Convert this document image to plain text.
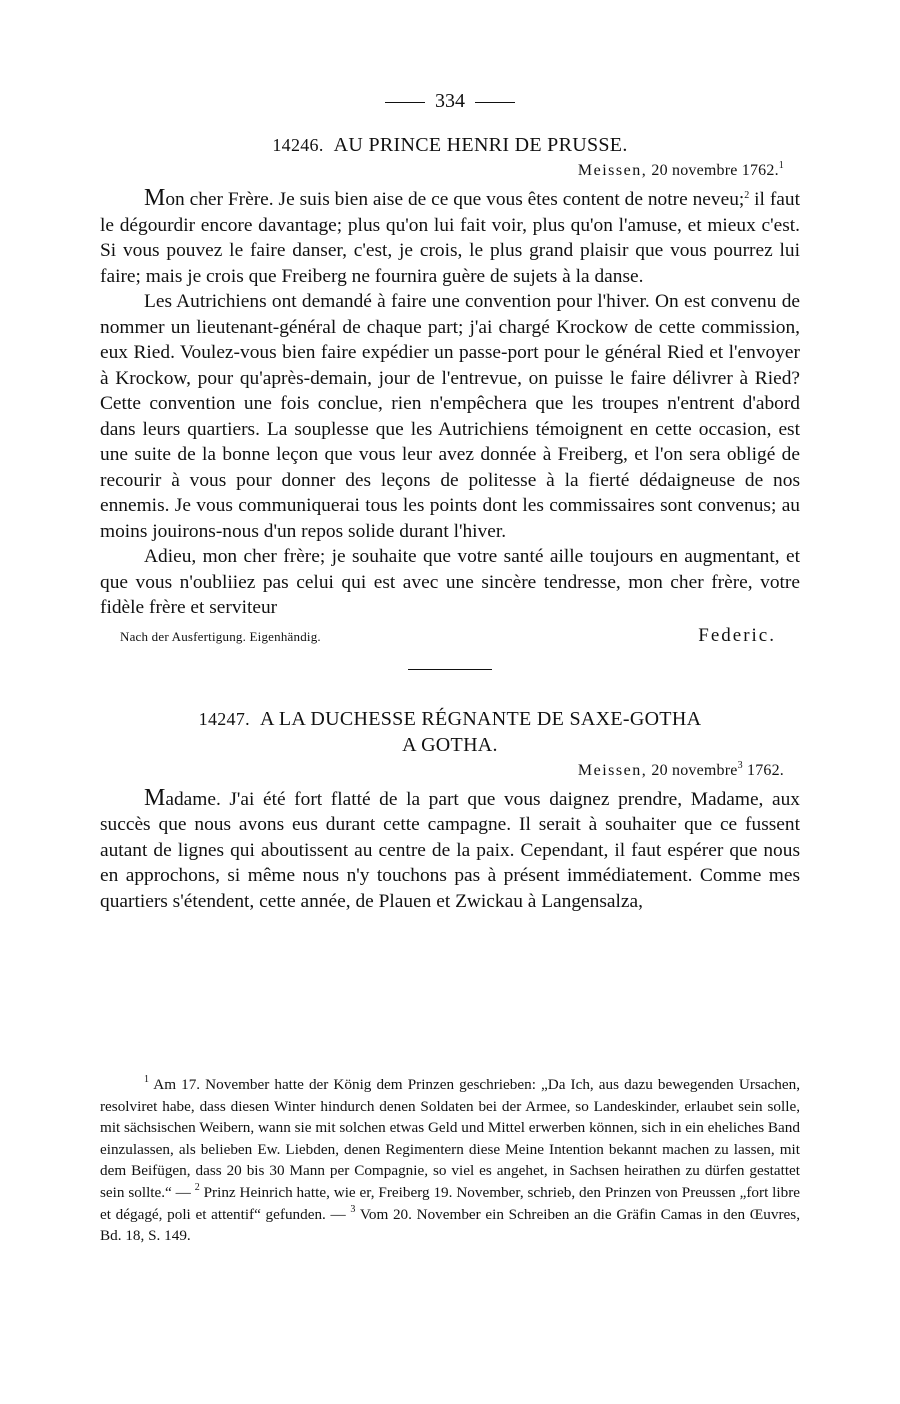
334
14246. AU PRINCE HENRI DE PRUSSE.
Meissen, 20 novembre 1762.$^1$

Mon cher Frère. Je suis bien aise de ce que vous êtes content de notre neveu;$^2$ il faut le dégourdir encore davantage; plus qu'on lui fait voir, plus qu'on l'amuse, et mieux c'est. Si vous pouvez le faire danser, c'est, je crois, le plus grand plaisir que vous pourrez lui faire; mais je crois que Freiberg ne fournira guère de sujets à la danse.

Les Autrichiens ont demandé à faire une convention pour l'hiver. On est convenu de nommer un lieutenant-général de chaque part; j'ai chargé Krockow de cette commission, eux Ried. Voulez-vous bien faire expédier un passe-port pour le général Ried et l'envoyer à Krockow, pour qu'après-demain, jour de l'entrevue, on puisse le faire délivrer à Ried? Cette convention une fois conclue, rien n'empêchera que les troupes n'entrent d'abord dans leurs quartiers. La souplesse que les Autrichiens témoignent en cette occasion, est une suite de la bonne leçon que vous leur avez donnée à Freiberg, et l'on sera obligé de recourir à vous pour donner des leçons de politesse à la fierté dédaigneuse de nos ennemis. Je vous communiquerai tous les points dont les commissaires sont convenus; au moins jouirons-nous d'un repos solide durant l'hiver.

Adieu, mon cher frère; je souhaite que votre santé aille toujours en augmentant, et que vous n'oubliiez pas celui qui est avec une sincère tendresse, mon cher frère, votre fidèle frère et serviteur

Nach der Ausfertigung. Eigenhändig.	Federic.
14247. A LA DUCHESSE RÉGNANTE DE SAXE-GOTHA
A GOTHA.
Meissen, 20 novembre$^3$ 1762.

Madame. J'ai été fort flatté de la part que vous daignez prendre, Madame, aux succès que nous avons eus durant cette campagne. Il serait à souhaiter que ce fussent autant de lignes qui aboutissent au centre de la paix. Cependant, il faut espérer que nous en approchons, si même nous n'y touchons pas à présent immédiatement. Comme mes quartiers s'étendent, cette année, de Plauen et Zwickau à Langensalza,

$^1$ Am 17. November hatte der König dem Prinzen geschrieben: „Da Ich, aus dazu bewegenden Ursachen, resolviret habe, dass diesen Winter hindurch denen Soldaten bei der Armee, so Landeskinder, erlaubet sein solle, mit sächsischen Weibern, wann sie mit solchen etwas Geld und Mittel erwerben können, sich in ein eheliches Band einzulassen, als belieben Ew. Liebden, denen Regimentern diese Meine Intention bekannt machen zu lassen, mit dem Beifügen, dass 20 bis 30 Mann per Compagnie, so viel es angehet, in Sachsen heirathen zu dürfen gestattet sein sollte.“ — $^2$ Prinz Heinrich hatte, wie er, Freiberg 19. November, schrieb, den Prinzen von Preussen „fort libre et dégagé, poli et attentif“ gefunden. — $^3$ Vom 20. November ein Schreiben an die Gräfin Camas in den Œuvres, Bd. 18, S. 149.
